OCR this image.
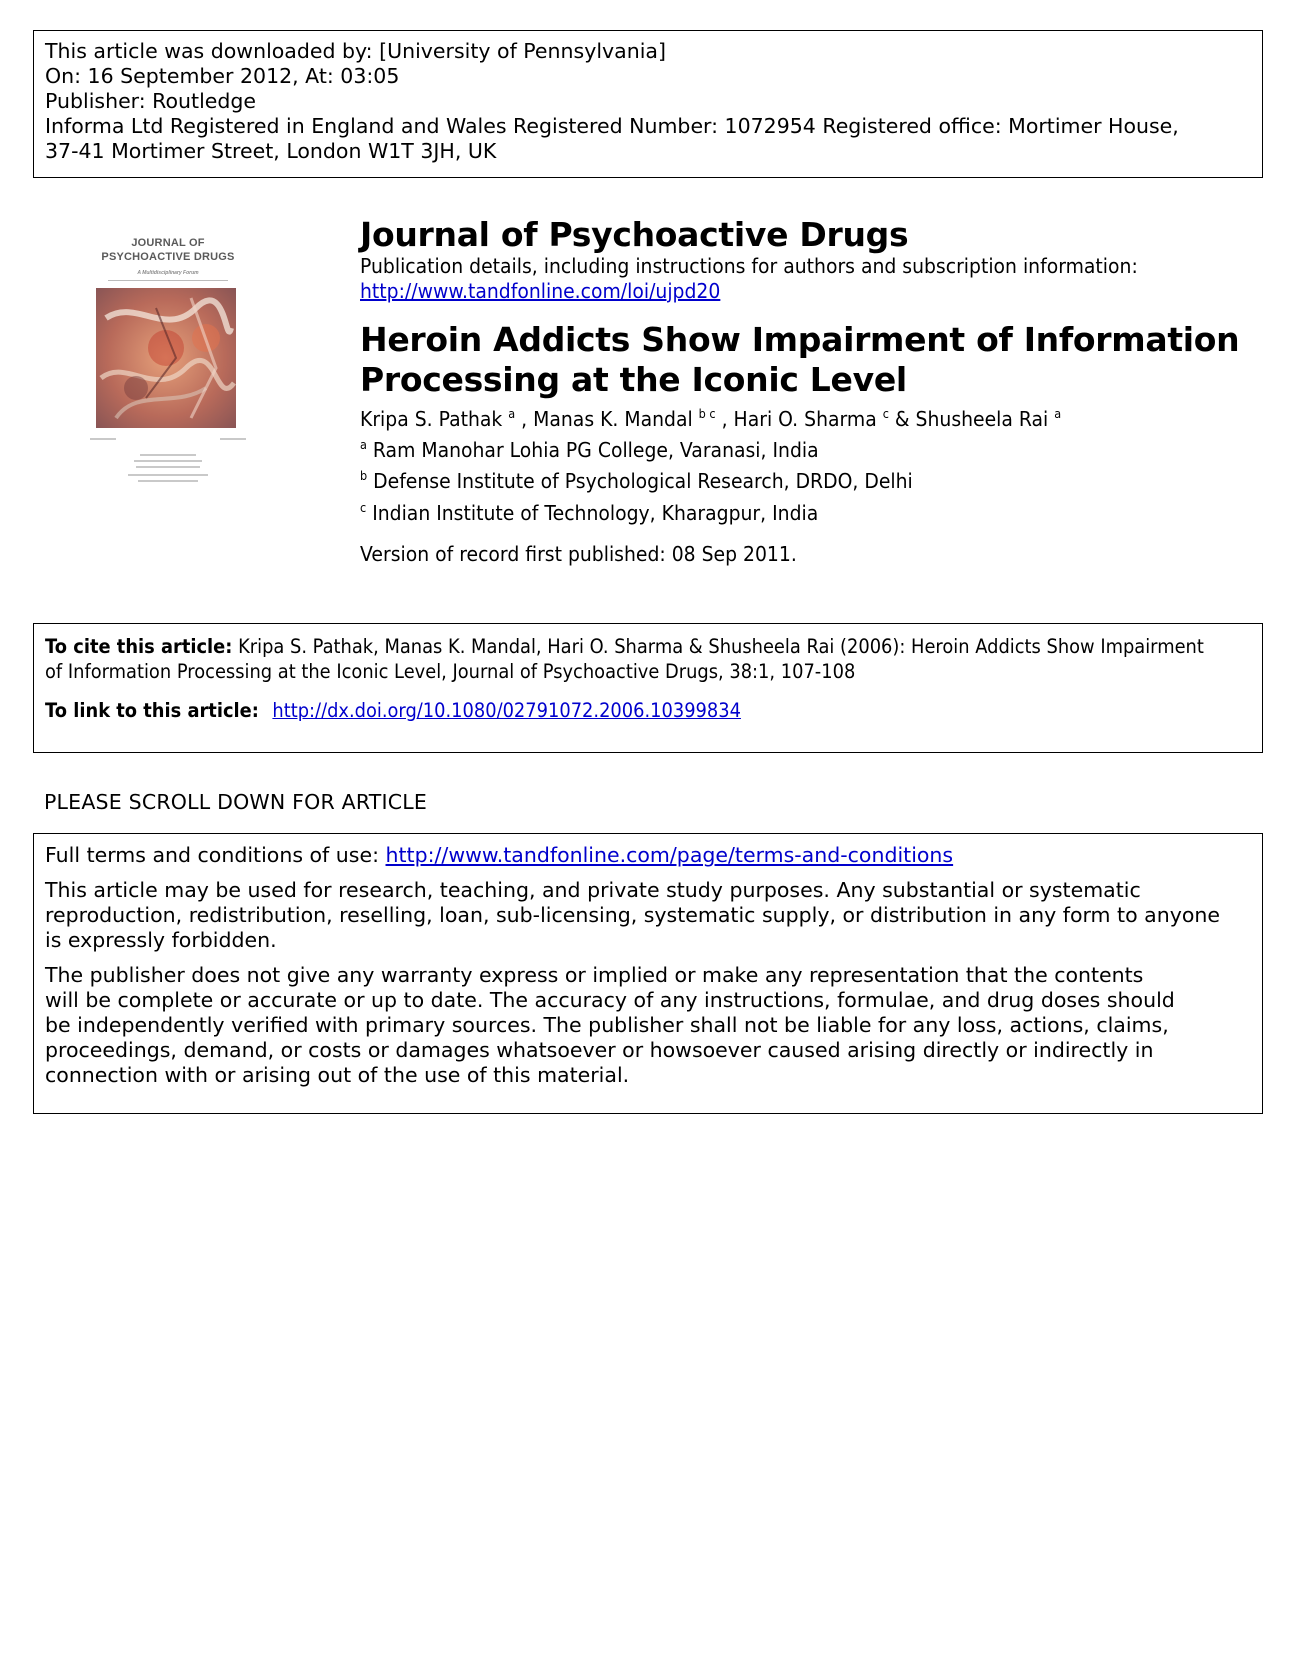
This article was downloaded by: [University of Pennsylvania]
On: 16 September 2012, At: 03:05
Publisher: Routledge
Informa Ltd Registered in England and Wales Registered Number: 1072954 Registered office: Mortimer House,
37-41 Mortimer Street, London W1T 3JH, UK
JOURNAL OF
PSYCHOACTIVE DRUGS
A Multidisciplinary Forum
Journal of Psychoactive Drugs
Publication details, including instructions for authors and subscription information:
http://www.tandfonline.com/loi/ujpd20
Heroin Addicts Show Impairment of Information Processing at the Iconic Level
Kripa S. Pathak $^a$ , Manas K. Mandal $^{b c}$ , Hari O. Sharma $^c$ & Shusheela Rai $^a$
$^a$ Ram Manohar Lohia PG College, Varanasi, India
$^b$ Defense Institute of Psychological Research, DRDO, Delhi
$^c$ Indian Institute of Technology, Kharagpur, India
Version of record first published: 08 Sep 2011.
To cite this article: Kripa S. Pathak, Manas K. Mandal, Hari O. Sharma & Shusheela Rai (2006): Heroin Addicts Show Impairment
of Information Processing at the Iconic Level, Journal of Psychoactive Drugs, 38:1, 107-108
To link to this article: http://dx.doi.org/10.1080/02791072.2006.10399834
PLEASE SCROLL DOWN FOR ARTICLE

Full terms and conditions of use: http://www.tandfonline.com/page/terms-and-conditions

This article may be used for research, teaching, and private study purposes. Any substantial or systematic
reproduction, redistribution, reselling, loan, sub-licensing, systematic supply, or distribution in any form to anyone
is expressly forbidden.

The publisher does not give any warranty express or implied or make any representation that the contents
will be complete or accurate or up to date. The accuracy of any instructions, formulae, and drug doses should
be independently verified with primary sources. The publisher shall not be liable for any loss, actions, claims,
proceedings, demand, or costs or damages whatsoever or howsoever caused arising directly or indirectly in
connection with or arising out of the use of this material.
